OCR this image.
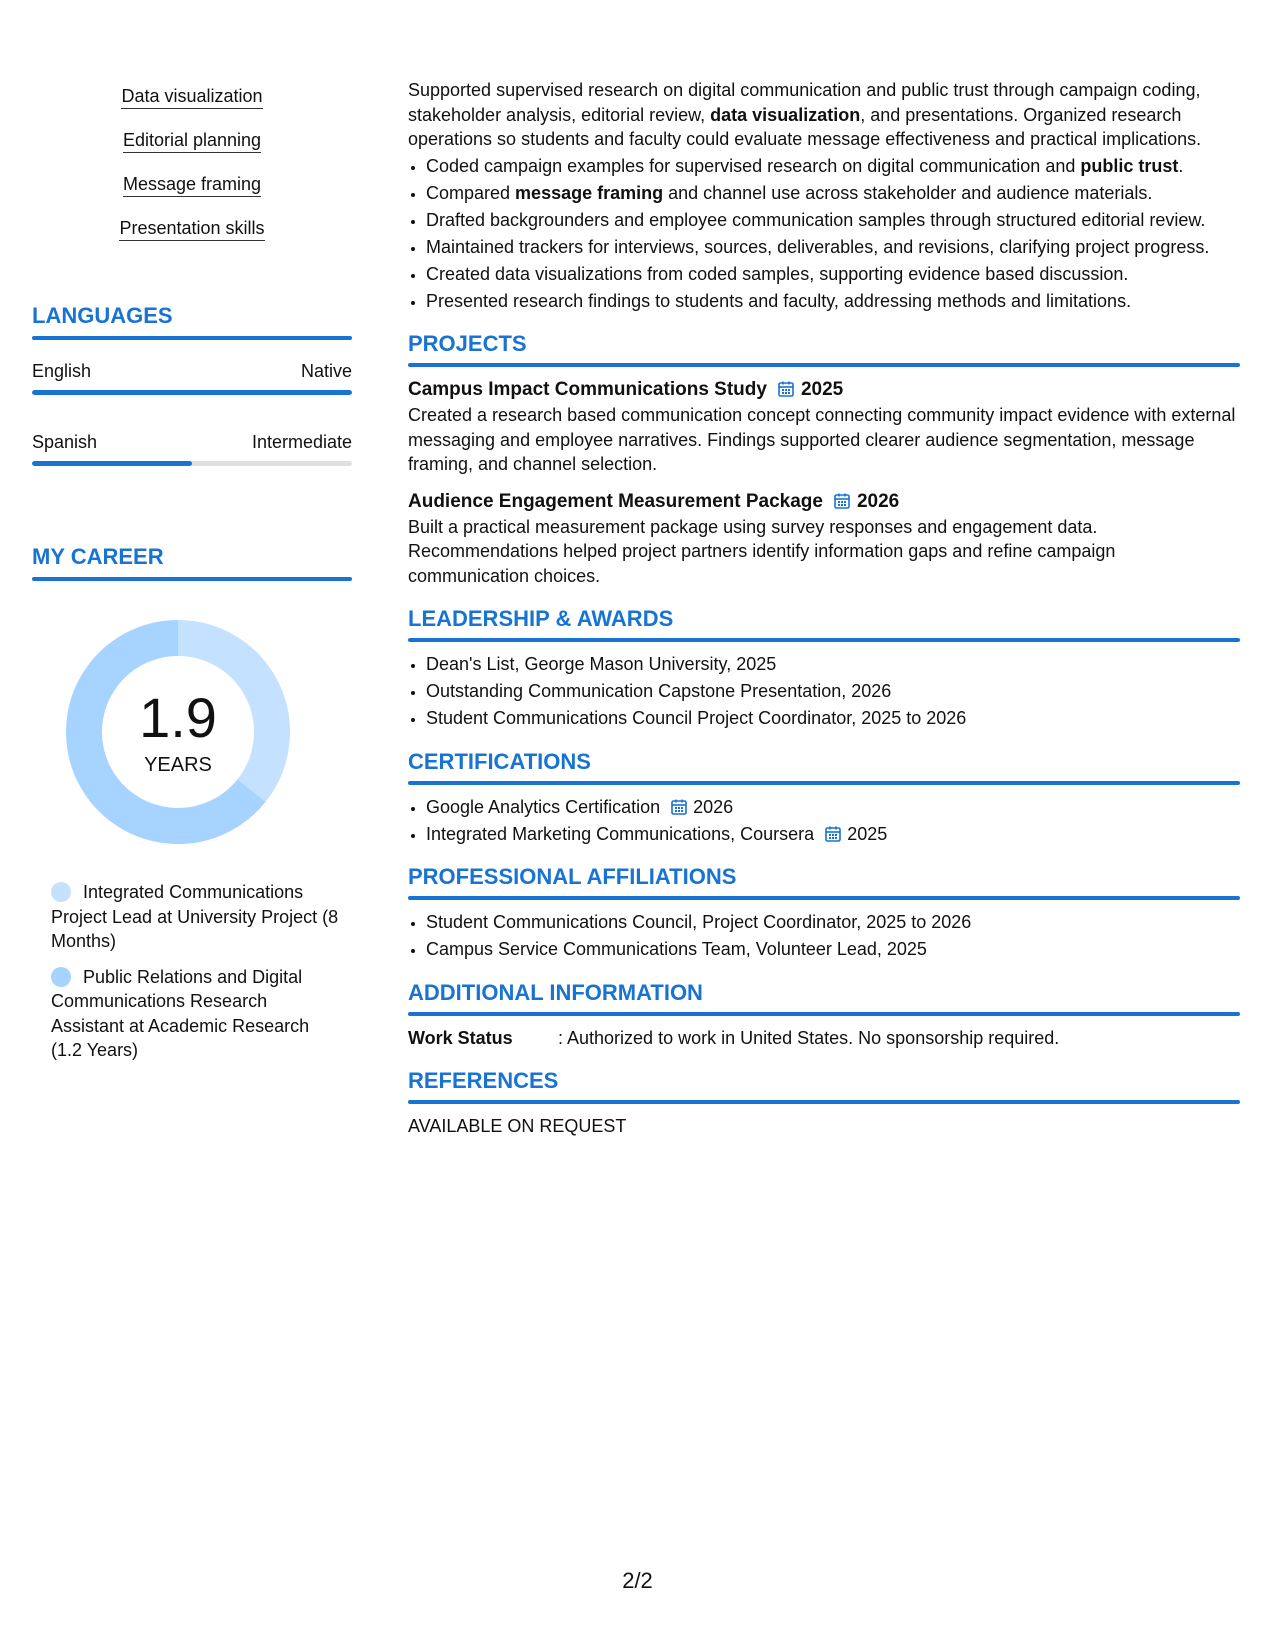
Data visualization
Editorial planning
Message framing
Presentation skills
LANGUAGES
English	Native
Spanish	Intermediate
MY CAREER
1.9
YEARS
Integrated Communications Project Lead at University Project (8 Months)
Public Relations and Digital Communications Research Assistant at Academic Research (1.2 Years)

Supported supervised research on digital communication and public trust through campaign coding, stakeholder analysis, editorial review, data visualization, and presentations. Organized research operations so students and faculty could evaluate message effectiveness and practical implications.

• Coded campaign examples for supervised research on digital communication and public trust.
• Compared message framing and channel use across stakeholder and audience materials.
• Drafted backgrounders and employee communication samples through structured editorial review.
• Maintained trackers for interviews, sources, deliverables, and revisions, clarifying project progress.
• Created data visualizations from coded samples, supporting evidence based discussion.
• Presented research findings to students and faculty, addressing methods and limitations.
PROJECTS
Campus Impact Communications Study 2025
Created a research based communication concept connecting community impact evidence with external messaging and employee narratives. Findings supported clearer audience segmentation, message framing, and channel selection.
Audience Engagement Measurement Package 2026
Built a practical measurement package using survey responses and engagement data. Recommendations helped project partners identify information gaps and refine campaign communication choices.
LEADERSHIP & AWARDS
• Dean's List, George Mason University, 2025
• Outstanding Communication Capstone Presentation, 2026
• Student Communications Council Project Coordinator, 2025 to 2026
CERTIFICATIONS
• Google Analytics Certification 2026
• Integrated Marketing Communications, Coursera 2025
PROFESSIONAL AFFILIATIONS
• Student Communications Council, Project Coordinator, 2025 to 2026
• Campus Service Communications Team, Volunteer Lead, 2025
ADDITIONAL INFORMATION
Work Status	: Authorized to work in United States. No sponsorship required.
REFERENCES
AVAILABLE ON REQUEST
2/2
